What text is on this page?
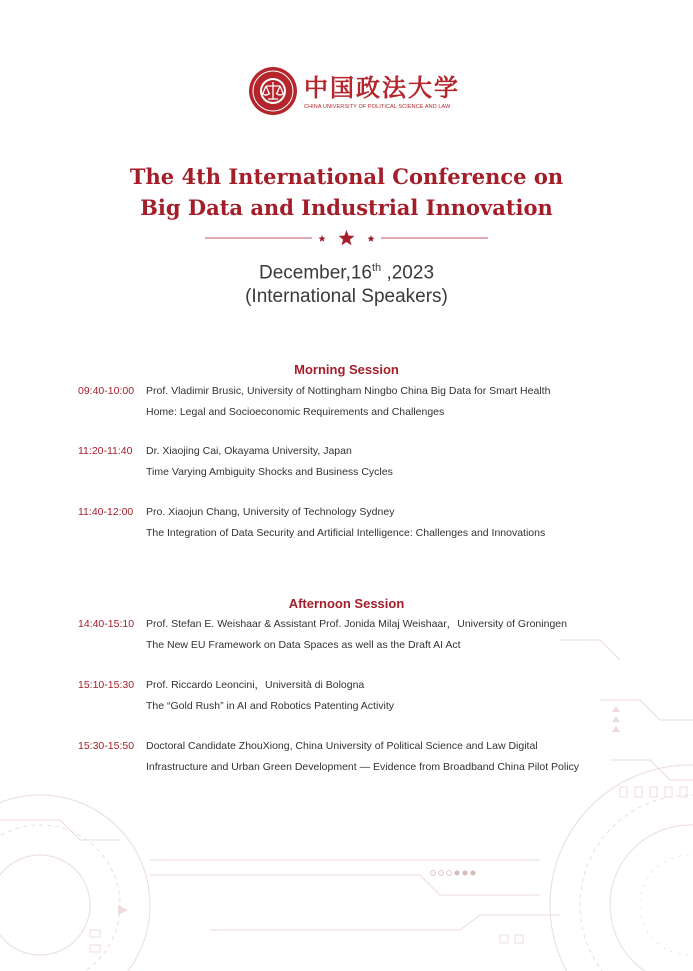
中国政法大学
CHINA UNIVERSITY OF POLITICAL SCIENCE AND LAW
The 4th International Conference on
Big Data and Industrial Innovation
December,16th ,2023
(International Speakers)
Morning Session
09:40-10:00 Prof. Vladimir Brusic, University of Nottingham Ningbo China Big Data for Smart Health
Home: Legal and Socioeconomic Requirements and Challenges
11:20-11:40 Dr. Xiaojing Cai, Okayama University, Japan
Time Varying Ambiguity Shocks and Business Cycles
11:40-12:00 Pro. Xiaojun Chang, University of Technology Sydney
The Integration of Data Security and Artificial Intelligence: Challenges and Innovations
Afternoon Session
14:40-15:10 Prof. Stefan E. Weishaar & Assistant Prof. Jonida Milaj Weishaar，University of Groningen
The New EU Framework on Data Spaces as well as the Draft AI Act
15:10-15:30 Prof. Riccardo Leoncini，Università di Bologna
The “Gold Rush” in AI and Robotics Patenting Activity
15:30-15:50 Doctoral Candidate ZhouXiong, China University of Political Science and Law Digital
Infrastructure and Urban Green Development — Evidence from Broadband China Pilot Policy
